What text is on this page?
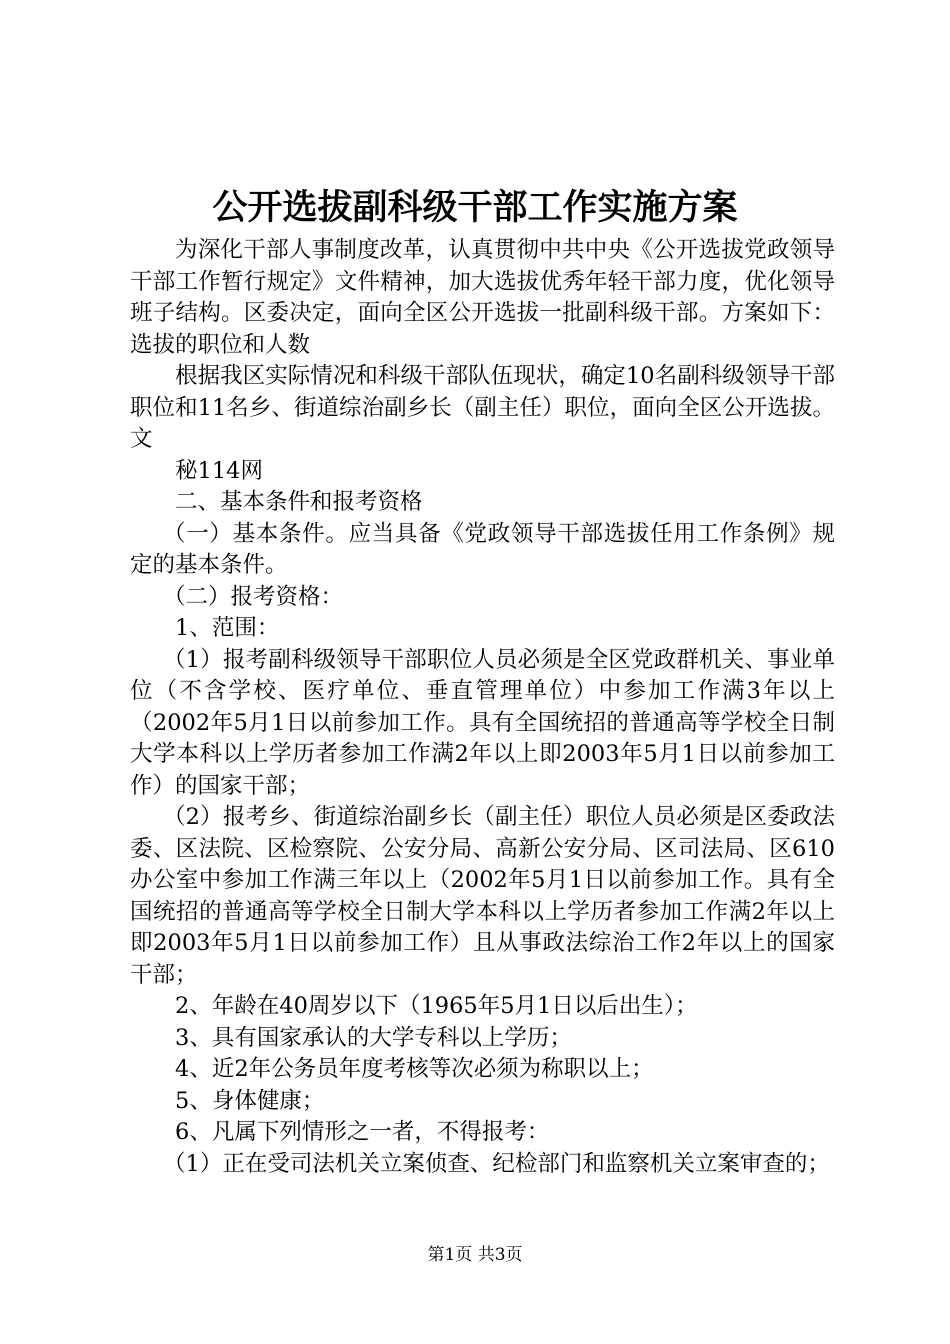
公开选拔副科级干部工作实施方案

为深化干部人事制度改革，认真贯彻中共中央《公开选拔党政领导干部工作暂行规定》文件精神，加大选拔优秀年轻干部力度，优化领导班子结构。区委决定，面向全区公开选拔一批副科级干部。方案如下：选拔的职位和人数

根据我区实际情况和科级干部队伍现状，确定10名副科级领导干部职位和11名乡、街道综治副乡长（副主任）职位，面向全区公开选拔。文

秘114网

二、基本条件和报考资格

（一）基本条件。应当具备《党政领导干部选拔任用工作条例》规定的基本条件。

（二）报考资格：

1、范围：

（1）报考副科级领导干部职位人员必须是全区党政群机关、事业单位（不含学校、医疗单位、垂直管理单位）中参加工作满3年以上（2002年5月1日以前参加工作。具有全国统招的普通高等学校全日制大学本科以上学历者参加工作满2年以上即2003年5月1日以前参加工作）的国家干部；

（2）报考乡、街道综治副乡长（副主任）职位人员必须是区委政法委、区法院、区检察院、公安分局、高新公安分局、区司法局、区610办公室中参加工作满三年以上（2002年5月1日以前参加工作。具有全国统招的普通高等学校全日制大学本科以上学历者参加工作满2年以上即2003年5月1日以前参加工作）且从事政法综治工作2年以上的国家干部；

2、年龄在40周岁以下（1965年5月1日以后出生）；

3、具有国家承认的大学专科以上学历；

4、近2年公务员年度考核等次必须为称职以上；

5、身体健康；

6、凡属下列情形之一者，不得报考：

（1）正在受司法机关立案侦查、纪检部门和监察机关立案审查的；

第1页 共3页
